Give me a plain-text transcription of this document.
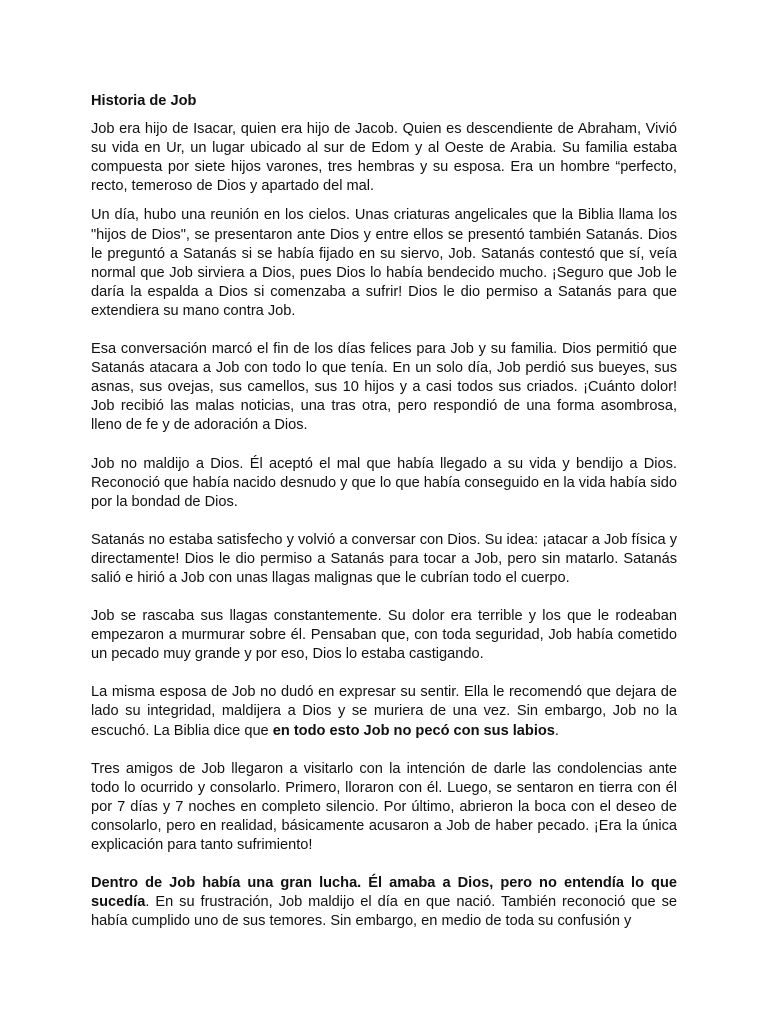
Historia de Job

Job era hijo de Isacar, quien era hijo de Jacob. Quien es descendiente de Abraham, Vivió su vida en Ur, un lugar ubicado al sur de Edom y al Oeste de Arabia. Su familia estaba compuesta por siete hijos varones, tres hembras y su esposa. Era un hombre “perfecto, recto, temeroso de Dios y apartado del mal.

Un día, hubo una reunión en los cielos. Unas criaturas angelicales que la Biblia llama los "hijos de Dios", se presentaron ante Dios y entre ellos se presentó también Satanás. Dios le preguntó a Satanás si se había fijado en su siervo, Job. Satanás contestó que sí, veía normal que Job sirviera a Dios, pues Dios lo había bendecido mucho. ¡Seguro que Job le daría la espalda a Dios si comenzaba a sufrir! Dios le dio permiso a Satanás para que extendiera su mano contra Job.

Esa conversación marcó el fin de los días felices para Job y su familia. Dios permitió que Satanás atacara a Job con todo lo que tenía. En un solo día, Job perdió sus bueyes, sus asnas, sus ovejas, sus camellos, sus 10 hijos y a casi todos sus criados. ¡Cuánto dolor! Job recibió las malas noticias, una tras otra, pero respondió de una forma asombrosa, lleno de fe y de adoración a Dios.

Job no maldijo a Dios. Él aceptó el mal que había llegado a su vida y bendijo a Dios. Reconoció que había nacido desnudo y que lo que había conseguido en la vida había sido por la bondad de Dios.

Satanás no estaba satisfecho y volvió a conversar con Dios. Su idea: ¡atacar a Job física y directamente! Dios le dio permiso a Satanás para tocar a Job, pero sin matarlo. Satanás salió e hirió a Job con unas llagas malignas que le cubrían todo el cuerpo.

Job se rascaba sus llagas constantemente. Su dolor era terrible y los que le rodeaban empezaron a murmurar sobre él. Pensaban que, con toda seguridad, Job había cometido un pecado muy grande y por eso, Dios lo estaba castigando.

La misma esposa de Job no dudó en expresar su sentir. Ella le recomendó que dejara de lado su integridad, maldijera a Dios y se muriera de una vez. Sin embargo, Job no la escuchó. La Biblia dice que en todo esto Job no pecó con sus labios.

Tres amigos de Job llegaron a visitarlo con la intención de darle las condolencias ante todo lo ocurrido y consolarlo. Primero, lloraron con él. Luego, se sentaron en tierra con él por 7 días y 7 noches en completo silencio. Por último, abrieron la boca con el deseo de consolarlo, pero en realidad, básicamente acusaron a Job de haber pecado. ¡Era la única explicación para tanto sufrimiento!

Dentro de Job había una gran lucha. Él amaba a Dios, pero no entendía lo que sucedía. En su frustración, Job maldijo el día en que nació. También reconoció que se había cumplido uno de sus temores. Sin embargo, en medio de toda su confusión y
